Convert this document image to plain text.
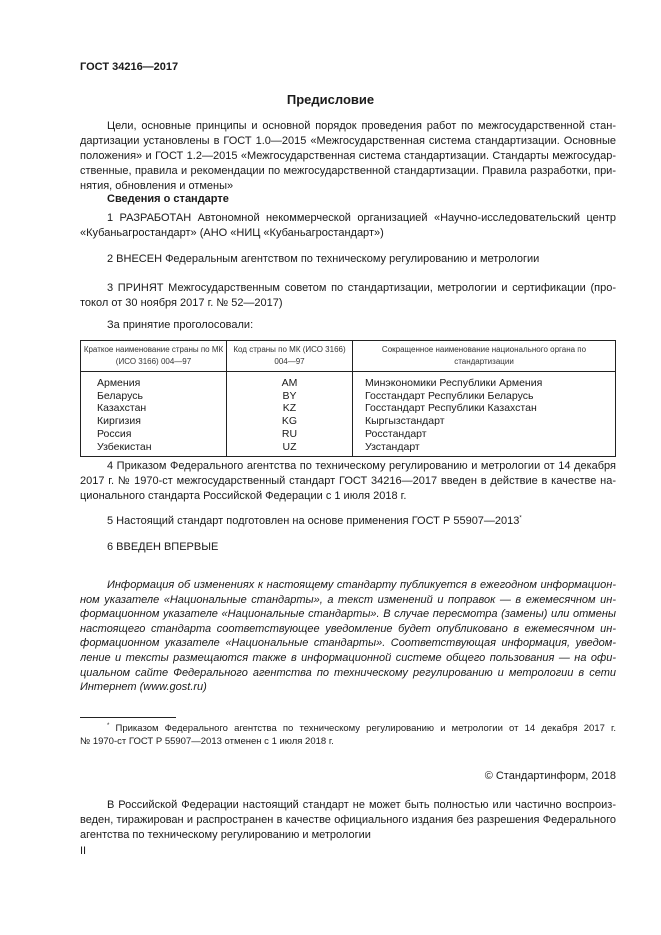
ГОСТ 34216—2017
Предисловие
Цели, основные принципы и основной порядок проведения работ по межгосударственной стан-
дартизации установлены в ГОСТ 1.0—2015 «Межгосударственная система стандартизации. Основные
положения» и ГОСТ 1.2—2015 «Межгосударственная система стандартизации. Стандарты межгосудар-
ственные, правила и рекомендации по межгосударственной стандартизации. Правила разработки, при-
нятия, обновления и отмены»
Сведения о стандарте
1 РАЗРАБОТАН Автономной некоммерческой организацией «Научно-исследовательский центр
«Кубаньагростандарт» (АНО «НИЦ «Кубаньагростандарт»)
2 ВНЕСЕН Федеральным агентством по техническому регулированию и метрологии
3 ПРИНЯТ Межгосударственным советом по стандартизации, метрологии и сертификации (про-
токол от 30 ноября 2017 г. № 52—2017)
За принятие проголосовали:
Краткое наименование страны по МК (ИСО 3166) 004—97	Код страны по МК (ИСО 3166) 004—97	Сокращенное наименование национального органа по стандартизации
Армения	AM	Минэкономики Республики Армения
Беларусь	BY	Госстандарт Республики Беларусь
Казахстан	KZ	Госстандарт Республики Казахстан
Киргизия	KG	Кыргызстандарт
Россия	RU	Росстандарт
Узбекистан	UZ	Узстандарт
4 Приказом Федерального агентства по техническому регулированию и метрологии от 14 декабря
2017 г. № 1970-ст межгосударственный стандарт ГОСТ 34216—2017 введен в действие в качестве на-
ционального стандарта Российской Федерации с 1 июля 2018 г.
5 Настоящий стандарт подготовлен на основе применения ГОСТ Р 55907—2013*
6 ВВЕДЕН ВПЕРВЫЕ
Информация об изменениях к настоящему стандарту публикуется в ежегодном информацион-
ном указателе «Национальные стандарты», а текст изменений и поправок — в ежемесячном ин-
формационном указателе «Национальные стандарты». В случае пересмотра (замены) или отмены
настоящего стандарта соответствующее уведомление будет опубликовано в ежемесячном ин-
формационном указателе «Национальные стандарты». Соответствующая информация, уведом-
ление и тексты размещаются также в информационной системе общего пользования — на офи-
циальном сайте Федерального агентства по техническому регулированию и метрологии в сети
Интернет (www.gost.ru)
* Приказом Федерального агентства по техническому регулированию и метрологии от 14 декабря 2017 г.
№ 1970-ст ГОСТ Р 55907—2013 отменен с 1 июля 2018 г.
© Стандартинформ, 2018
В Российской Федерации настоящий стандарт не может быть полностью или частично воспроиз-
веден, тиражирован и распространен в качестве официального издания без разрешения Федерального
агентства по техническому регулированию и метрологии
II
